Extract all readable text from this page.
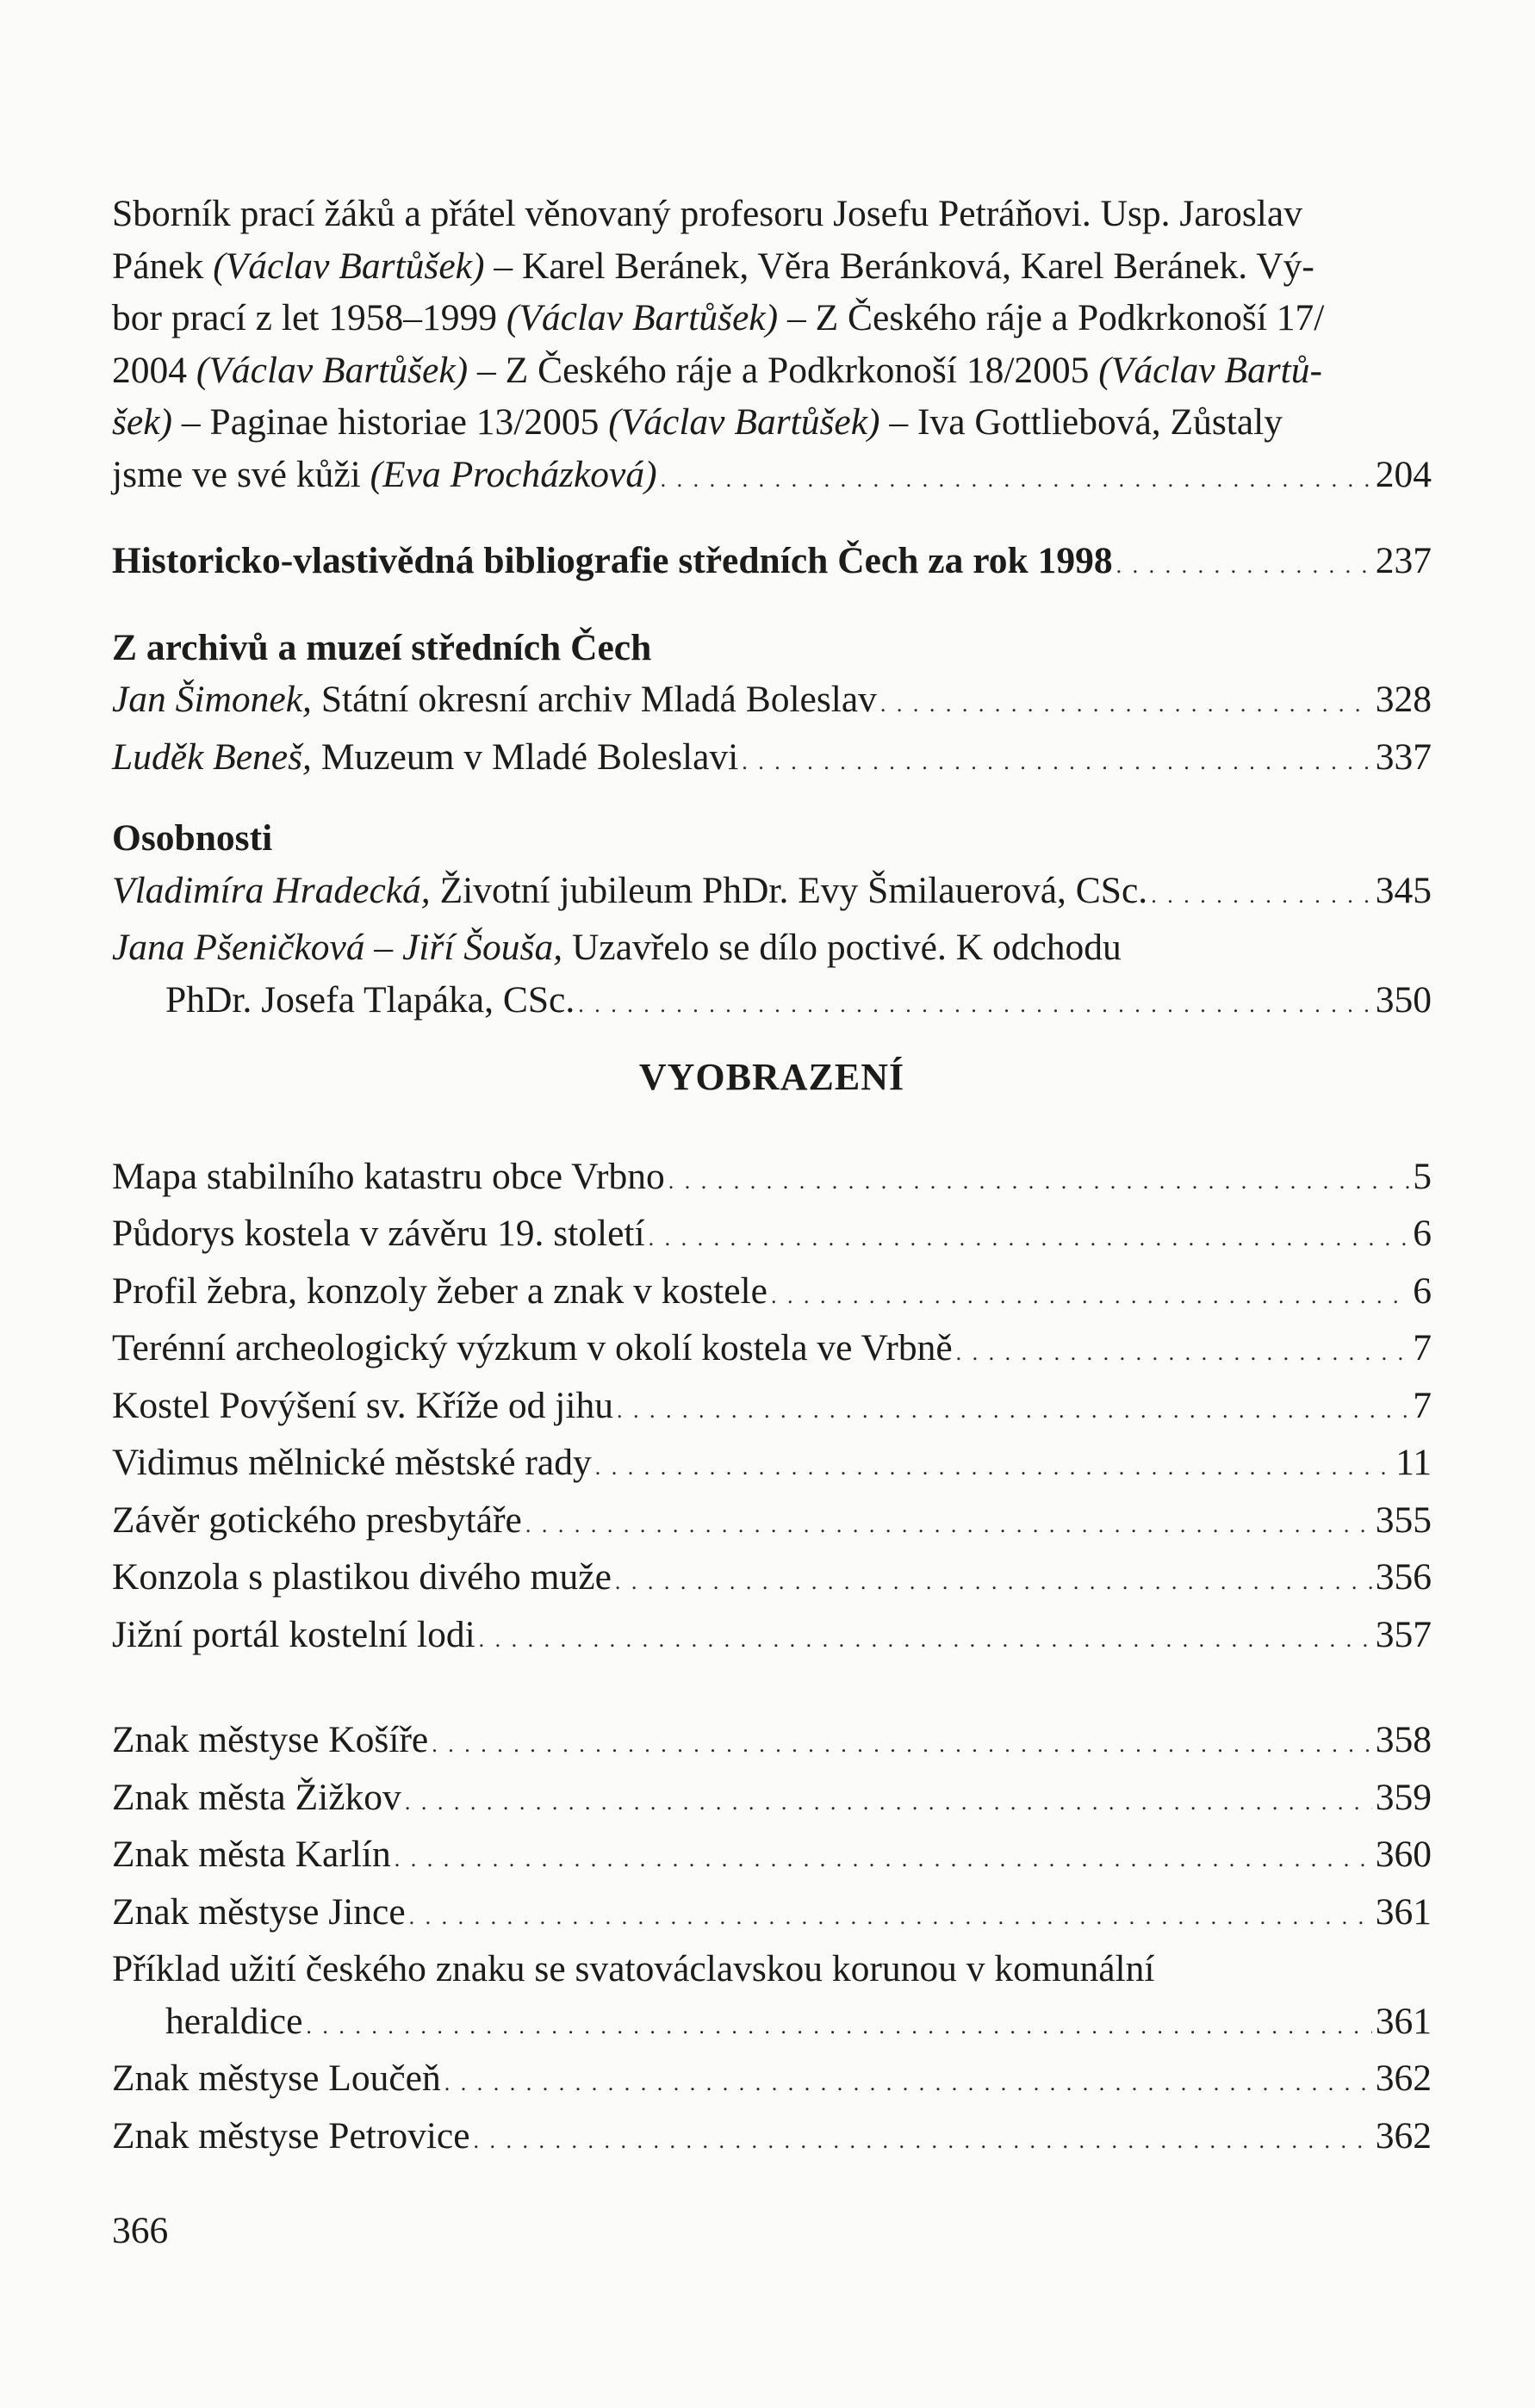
Sborník prací žáků a přátel věnovaný profesoru Josefu Petráňovi. Usp. Jaroslav
Pánek (Václav Bartůšek) – Karel Beránek, Věra Beránková, Karel Beránek. Vý-
bor prací z let 1958–1999 (Václav Bartůšek) – Z Českého ráje a Podkrkonoší 17/
2004 (Václav Bartůšek) – Z Českého ráje a Podkrkonoší 18/2005 (Václav Bartů-
šek) – Paginae historiae 13/2005 (Václav Bartůšek) – Iva Gottliebová, Zůstaly
jsme ve své kůži (Eva Procházková) . . .	204
Historicko-vlastivědná bibliografie středních Čech za rok 1998 . . .	237
Z archivů a muzeí středních Čech
Jan Šimonek, Státní okresní archiv Mladá Boleslav . . .	328
Luděk Beneš, Muzeum v Mladé Boleslavi . . .	337
Osobnosti
Vladimíra Hradecká, Životní jubileum PhDr. Evy Šmilauerová, CSc. . . .	345
Jana Pšeničková – Jiří Šouša, Uzavřelo se dílo poctivé. K odchodu
PhDr. Josefa Tlapáka, CSc. . . .	350
VYOBRAZENÍ
Mapa stabilního katastru obce Vrbno . . .	5
Půdorys kostela v závěru 19. století . . .	6
Profil žebra, konzoly žeber a znak v kostele . . .	6
Terénní archeologický výzkum v okolí kostela ve Vrbně . . .	7
Kostel Povýšení sv. Kříže od jihu . . .	7
Vidimus mělnické městské rady . . .	11
Závěr gotického presbytáře . . .	355
Konzola s plastikou divého muže . . .	356
Jižní portál kostelní lodi . . .	357
Znak městyse Košíře . . .	358
Znak města Žižkov . . .	359
Znak města Karlín . . .	360
Znak městyse Jince . . .	361
Příklad užití českého znaku se svatováclavskou korunou v komunální
heraldice . . .	361
Znak městyse Loučeň . . .	362
Znak městyse Petrovice . . .	362
366
